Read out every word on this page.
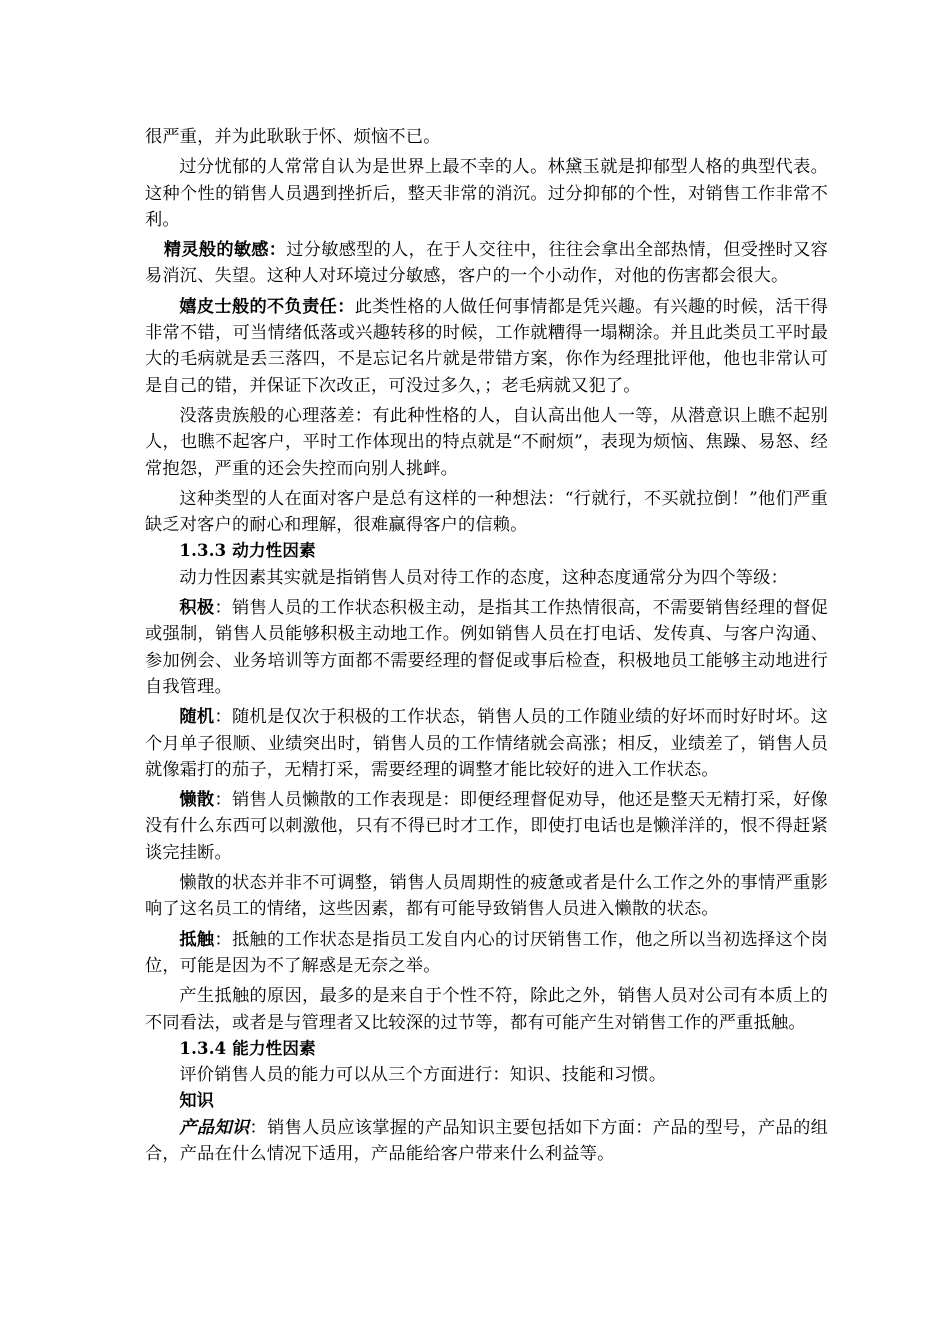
很严重，并为此耿耿于怀、烦恼不已。

过分忧郁的人常常自认为是世界上最不幸的人。林黛玉就是抑郁型人格的典型代表。这种个性的销售人员遇到挫折后，整天非常的消沉。过分抑郁的个性，对销售工作非常不利。

精灵般的敏感：过分敏感型的人，在于人交往中，往往会拿出全部热情，但受挫时又容易消沉、失望。这种人对环境过分敏感，客户的一个小动作，对他的伤害都会很大。

嬉皮士般的不负责任：此类性格的人做任何事情都是凭兴趣。有兴趣的时候，活干得非常不错，可当情绪低落或兴趣转移的时候，工作就糟得一塌糊涂。并且此类员工平时最大的毛病就是丢三落四，不是忘记名片就是带错方案，你作为经理批评他，他也非常认可是自己的错，并保证下次改正，可没过多久，；老毛病就又犯了。

没落贵族般的心理落差：有此种性格的人，自认高出他人一等，从潜意识上瞧不起别人，也瞧不起客户，平时工作体现出的特点就是“不耐烦”，表现为烦恼、焦躁、易怒、经常抱怨，严重的还会失控而向别人挑衅。

这种类型的人在面对客户是总有这样的一种想法：“行就行，不买就拉倒！”他们严重缺乏对客户的耐心和理解，很难赢得客户的信赖。

1.3.3 动力性因素

动力性因素其实就是指销售人员对待工作的态度，这种态度通常分为四个等级：

积极：销售人员的工作状态积极主动，是指其工作热情很高，不需要销售经理的督促或强制，销售人员能够积极主动地工作。例如销售人员在打电话、发传真、与客户沟通、参加例会、业务培训等方面都不需要经理的督促或事后检查，积极地员工能够主动地进行自我管理。

随机：随机是仅次于积极的工作状态，销售人员的工作随业绩的好坏而时好时坏。这个月单子很顺、业绩突出时，销售人员的工作情绪就会高涨；相反，业绩差了，销售人员就像霜打的茄子，无精打采，需要经理的调整才能比较好的进入工作状态。

懒散：销售人员懒散的工作表现是：即便经理督促劝导，他还是整天无精打采，好像没有什么东西可以刺激他，只有不得已时才工作，即使打电话也是懒洋洋的，恨不得赶紧谈完挂断。

懒散的状态并非不可调整，销售人员周期性的疲惫或者是什么工作之外的事情严重影响了这名员工的情绪，这些因素，都有可能导致销售人员进入懒散的状态。

抵触：抵触的工作状态是指员工发自内心的讨厌销售工作，他之所以当初选择这个岗位，可能是因为不了解惑是无奈之举。

产生抵触的原因，最多的是来自于个性不符，除此之外，销售人员对公司有本质上的不同看法，或者是与管理者又比较深的过节等，都有可能产生对销售工作的严重抵触。

1.3.4 能力性因素

评价销售人员的能力可以从三个方面进行：知识、技能和习惯。

知识

产品知识：销售人员应该掌握的产品知识主要包括如下方面：产品的型号，产品的组合，产品在什么情况下适用，产品能给客户带来什么利益等。
